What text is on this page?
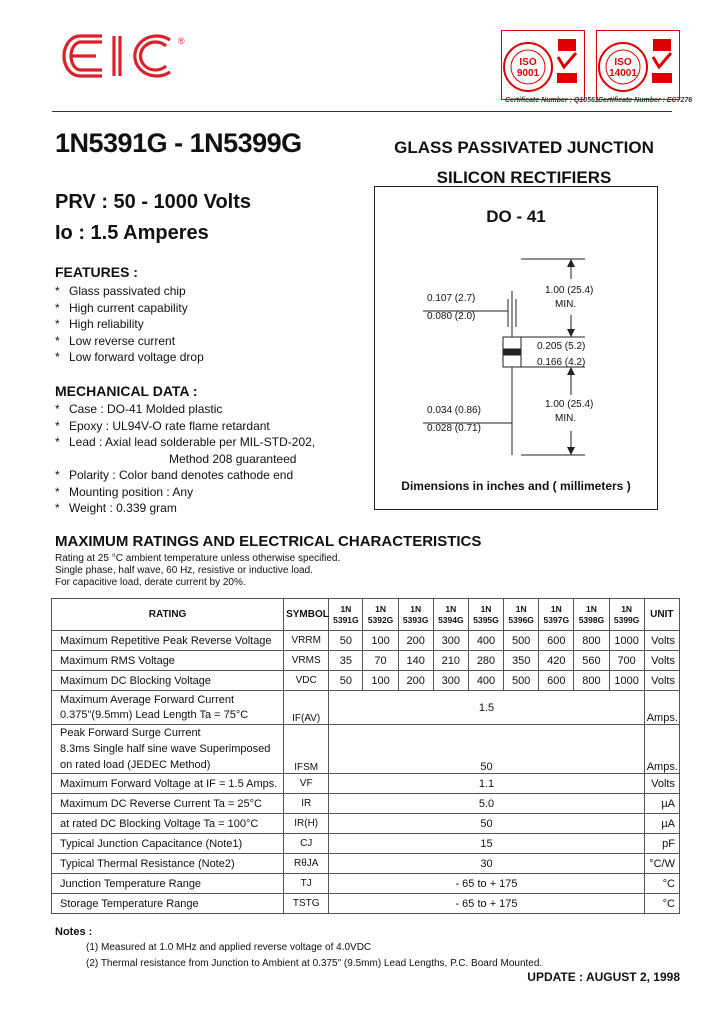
®
ISO
9001
Certificate Number : Q10561
ISO
14001
Certificate Number : EC7276
1N5391G - 1N5399G	GLASS PASSIVATED JUNCTION
SILICON RECTIFIERS
PRV : 50 - 1000 Volts
Io : 1.5 Amperes
FEATURES :
* Glass passivated chip
* High current capability
* High reliability
* Low reverse current
* Low forward voltage drop
MECHANICAL DATA :
* Case : DO-41 Molded plastic
* Epoxy : UL94V-O rate flame retardant
* Lead : Axial lead solderable per MIL-STD-202,
Method 208 guaranteed
* Polarity : Color band denotes cathode end
* Mounting position : Any
* Weight : 0.339 gram
DO - 41
0.107 (2.7)
0.080 (2.0)
1.00 (25.4)
MIN.
0.205 (5.2)
0.166 (4.2)
0.034 (0.86)
0.028 (0.71)
1.00 (25.4)
MIN.
Dimensions in inches and ( millimeters )
MAXIMUM RATINGS AND ELECTRICAL CHARACTERISTICS
Rating at 25 °C ambient temperature unless otherwise specified.
Single phase, half wave, 60 Hz, resistive or inductive load.
For capacitive load, derate current by 20%.
RATING	SYMBOL	1N
5391G	1N
5392G	1N
5393G	1N
5394G	1N
5395G	1N
5396G	1N
5397G	1N
5398G	1N
5399G	UNIT
Maximum Repetitive Peak Reverse Voltage	VRRM	50	100	200	300	400	500	600	800	1000	Volts
Maximum RMS Voltage	VRMS	35	70	140	210	280	350	420	560	700	Volts
Maximum DC Blocking Voltage	VDC	50	100	200	300	400	500	600	800	1000	Volts
Maximum Average Forward Current
0.375"(9.5mm) Lead Length Ta = 75°C	IF(AV)	1.5									Amps.
Peak Forward Surge Current
8.3ms Single half sine wave Superimposed
on rated load (JEDEC Method)	IFSM	50									Amps.
Maximum Forward Voltage at IF = 1.5 Amps.	VF	1.1									Volts
Maximum DC Reverse Current Ta = 25°C	IR	5.0									µA
at rated DC Blocking Voltage Ta = 100°C	IR(H)	50									µA
Typical Junction Capacitance (Note1)	CJ	15									pF
Typical Thermal Resistance (Note2)	RθJA	30									°C/W
Junction Temperature Range	TJ	- 65 to + 175									°C
Storage Temperature Range	TSTG	- 65 to + 175									°C
Notes :
(1) Measured at 1.0 MHz and applied reverse voltage of 4.0VDC
(2) Thermal resistance from Junction to Ambient at 0.375" (9.5mm) Lead Lengths, P.C. Board Mounted.
UPDATE : AUGUST 2, 1998
